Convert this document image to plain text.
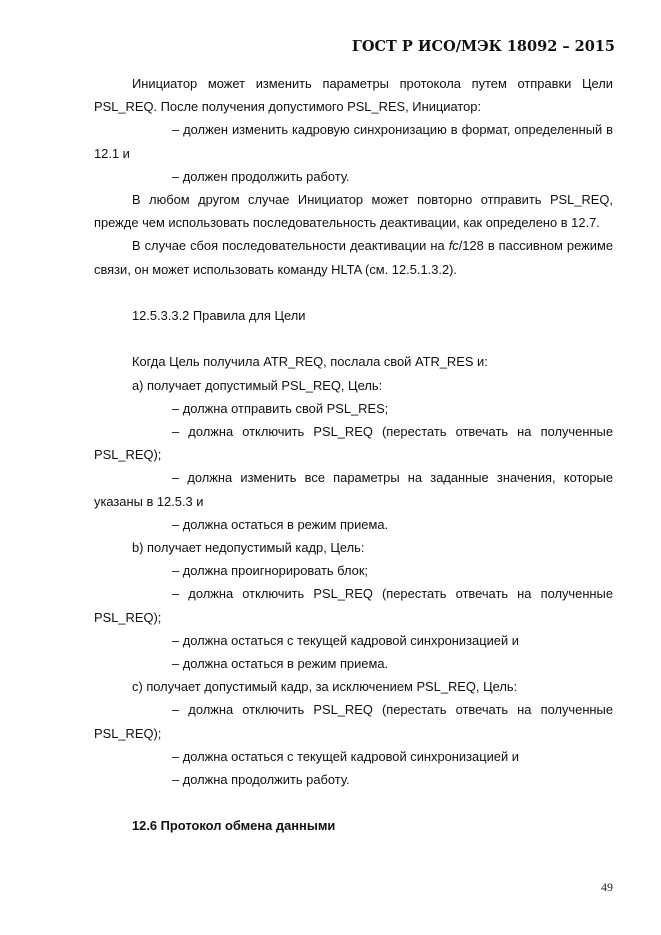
ГОСТ Р ИСО/МЭК 18092 – 2015

Инициатор может изменить параметры протокола путем отправки Цели PSL_REQ. После получения допустимого PSL_RES, Инициатор:

– должен изменить кадровую синхронизацию в формат, определенный в 12.1 и

– должен продолжить работу.

В любом другом случае Инициатор может повторно отправить PSL_REQ, прежде чем использовать последовательность деактивации, как определено в 12.7.

В случае сбоя последовательности деактивации на fc/128 в пассивном режиме связи, он может использовать команду HLTA (см. 12.5.1.3.2).

12.5.3.3.2 Правила для Цели

Когда Цель получила ATR_REQ, послала свой ATR_RES и:

а) получает допустимый PSL_REQ, Цель:

– должна отправить свой PSL_RES;

– должна отключить PSL_REQ (перестать отвечать на полученные PSL_REQ);

– должна изменить все параметры на заданные значения, которые указаны в 12.5.3 и

– должна остаться в режим приема.

b) получает недопустимый кадр, Цель:

– должна проигнорировать блок;

– должна отключить PSL_REQ (перестать отвечать на полученные PSL_REQ);

– должна остаться с текущей кадровой синхронизацией и

– должна остаться в режим приема.

c) получает допустимый кадр, за исключением PSL_REQ, Цель:

– должна отключить PSL_REQ (перестать отвечать на полученные PSL_REQ);

– должна остаться с текущей кадровой синхронизацией и

– должна продолжить работу.

12.6 Протокол обмена данными

49
